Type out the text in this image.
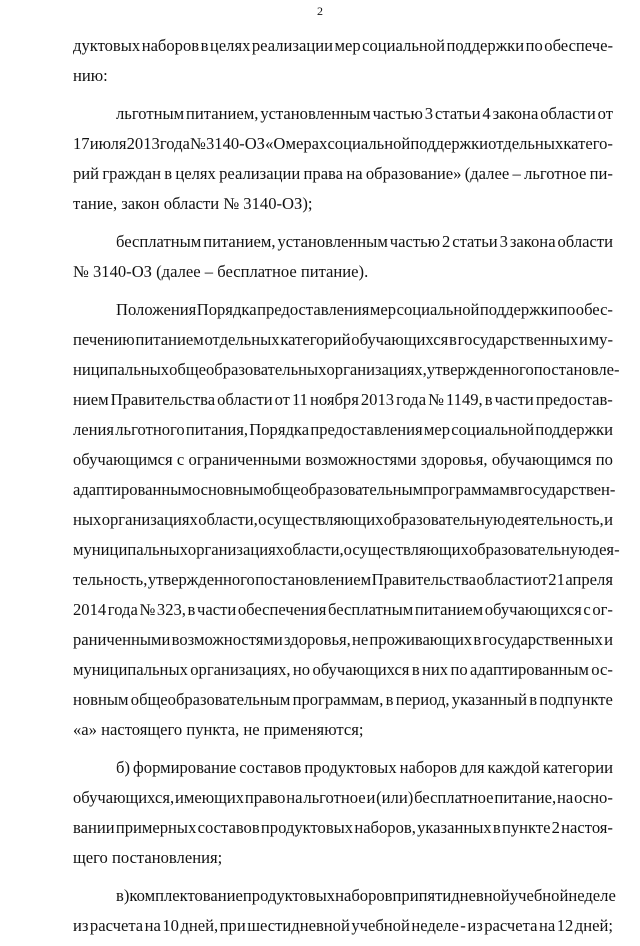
2
дуктовых наборов в целях реализации мер социальной поддержки по обеспече-
нию:
льготным питанием, установленным частью 3 статьи 4 закона области от
17 июля 2013 года № 3140-ОЗ «О мерах социальной поддержки отдельных катего-
рий граждан в целях реализации права на образование» (далее – льготное пи-
тание, закон области № 3140-ОЗ);
бесплатным питанием, установленным частью 2 статьи 3 закона области
№ 3140-ОЗ (далее – бесплатное питание).
Положения Порядка предоставления мер социальной поддержки по обес-
печению питанием отдельных категорий обучающихся в государственных и му-
ниципальных общеобразовательных организациях, утвержденного постановле-
нием Правительства области от 11 ноября 2013 года № 1149, в части предостав-
ления льготного питания, Порядка предоставления мер социальной поддержки
обучающимся с ограниченными возможностями здоровья, обучающимся по
адаптированным основным общеобразовательным программам в государствен-
ных организациях области, осуществляющих образовательную деятельность, и
муниципальных организациях области, осуществляющих образовательную дея-
тельность, утвержденного постановлением Правительства области от 21 апреля
2014 года № 323, в части обеспечения бесплатным питанием обучающихся с ог-
раниченными возможностями здоровья, не проживающих в государственных и
муниципальных организациях, но обучающихся в них по адаптированным ос-
новным общеобразовательным программам, в период, указанный в подпункте
«а» настоящего пункта, не применяются;
б) формирование составов продуктовых наборов для каждой категории
обучающихся, имеющих право на льготное и (или) бесплатное питание, на осно-
вании примерных составов продуктовых наборов, указанных в пункте 2 настоя-
щего постановления;
в) комплектование продуктовых наборов при пятидневной учебной неделе
из расчета на 10 дней, при шестидневной учебной неделе - из расчета на 12 дней;
